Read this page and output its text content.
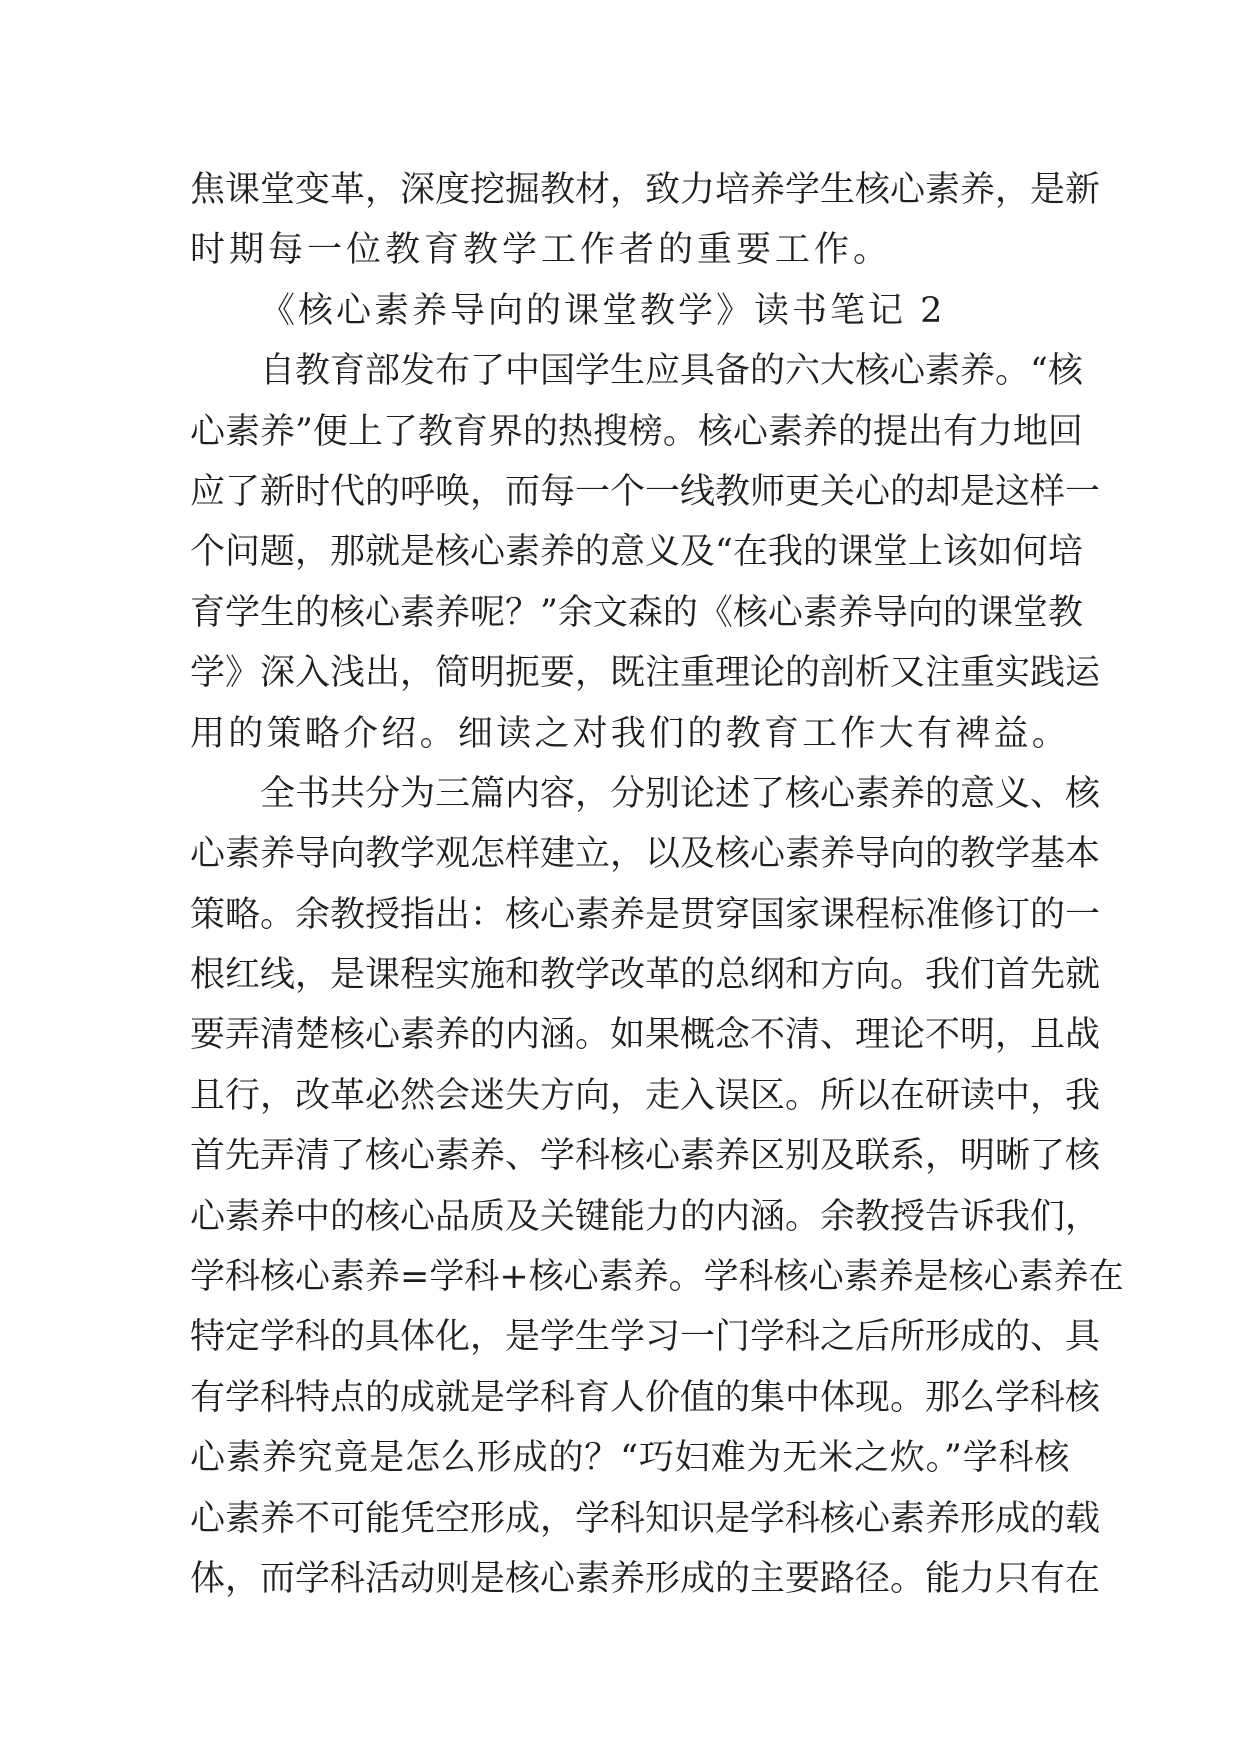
焦课堂变革，深度挖掘教材，致力培养学生核心素养，是新
时期每一位教育教学工作者的重要工作。
《核心素养导向的课堂教学》读书笔记 2
自教育部发布了中国学生应具备的六大核心素养。“核
心素养”便上了教育界的热搜榜。核心素养的提出有力地回
应了新时代的呼唤，而每一个一线教师更关心的却是这样一
个问题，那就是核心素养的意义及“在我的课堂上该如何培
育学生的核心素养呢？”余文森的《核心素养导向的课堂教
学》深入浅出，简明扼要，既注重理论的剖析又注重实践运
用的策略介绍。细读之对我们的教育工作大有裨益。
全书共分为三篇内容，分别论述了核心素养的意义、核
心素养导向教学观怎样建立，以及核心素养导向的教学基本
策略。余教授指出：核心素养是贯穿国家课程标准修订的一
根红线，是课程实施和教学改革的总纲和方向。我们首先就
要弄清楚核心素养的内涵。如果概念不清、理论不明，且战
且行，改革必然会迷失方向，走入误区。所以在研读中，我
首先弄清了核心素养、学科核心素养区别及联系，明晰了核
心素养中的核心品质及关键能力的内涵。余教授告诉我们，
学科核心素养=学科+核心素养。学科核心素养是核心素养在
特定学科的具体化，是学生学习一门学科之后所形成的、具
有学科特点的成就是学科育人价值的集中体现。那么学科核
心素养究竟是怎么形成的？“巧妇难为无米之炊。”学科核
心素养不可能凭空形成，学科知识是学科核心素养形成的载
体，而学科活动则是核心素养形成的主要路径。能力只有在
